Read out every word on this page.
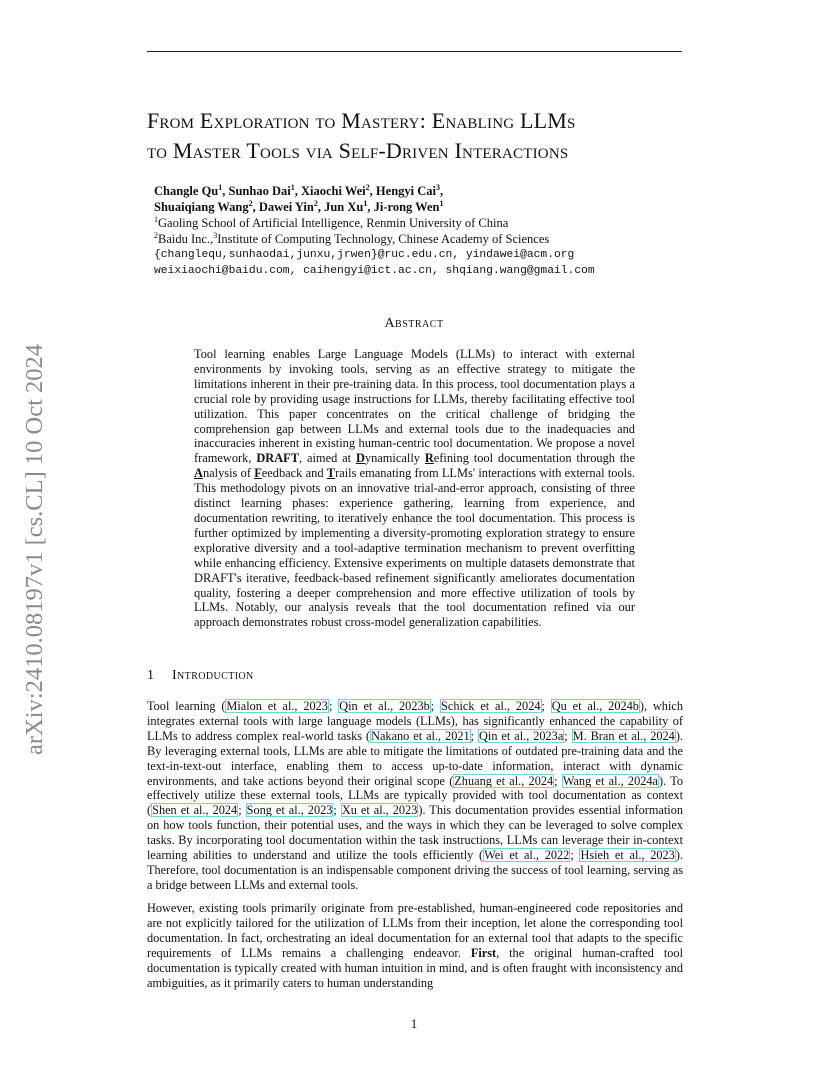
arXiv:2410.08197v1 [cs.CL] 10 Oct 2024
From Exploration to Mastery: Enabling LLMs
to Master Tools via Self-Driven Interactions
Changle Qu$^1$, Sunhao Dai$^1$, Xiaochi Wei$^2$, Hengyi Cai$^3$,
Shuaiqiang Wang$^2$, Dawei Yin$^2$, Jun Xu$^1$, Ji-rong Wen$^1$
$^1$Gaoling School of Artificial Intelligence, Renmin University of China
$^2$Baidu Inc.,$^3$Institute of Computing Technology, Chinese Academy of Sciences
{changlequ,sunhaodai,junxu,jrwen}@ruc.edu.cn, yindawei@acm.org
weixiaochi@baidu.com, caihengyi@ict.ac.cn, shqiang.wang@gmail.com
Abstract
Tool learning enables Large Language Models (LLMs) to interact with external environments by invoking tools, serving as an effective strategy to mitigate the limitations inherent in their pre-training data. In this process, tool documentation plays a crucial role by providing usage instructions for LLMs, thereby facilitating effective tool utilization. This paper concentrates on the critical challenge of bridging the comprehension gap between LLMs and external tools due to the inadequacies and inaccuracies inherent in existing human-centric tool documentation. We propose a novel framework, DRAFT, aimed at Dynamically Refining tool documentation through the Analysis of Feedback and Trails emanating from LLMs' interactions with external tools. This methodology pivots on an innovative trial-and-error approach, consisting of three distinct learning phases: experience gathering, learning from experience, and documentation rewriting, to iteratively enhance the tool documentation. This process is further optimized by implementing a diversity-promoting exploration strategy to ensure explorative diversity and a tool-adaptive termination mechanism to prevent overfitting while enhancing efficiency. Extensive experiments on multiple datasets demonstrate that DRAFT's iterative, feedback-based refinement significantly ameliorates documentation quality, fostering a deeper comprehension and more effective utilization of tools by LLMs. Notably, our analysis reveals that the tool documentation refined via our approach demonstrates robust cross-model generalization capabilities.
1 Introduction
Tool learning (Mialon et al., 2023; Qin et al., 2023b; Schick et al., 2024; Qu et al., 2024b), which integrates external tools with large language models (LLMs), has significantly enhanced the capability of LLMs to address complex real-world tasks (Nakano et al., 2021; Qin et al., 2023a; M. Bran et al., 2024). By leveraging external tools, LLMs are able to mitigate the limitations of outdated pre-training data and the text-in-text-out interface, enabling them to access up-to-date information, interact with dynamic environments, and take actions beyond their original scope (Zhuang et al., 2024; Wang et al., 2024a). To effectively utilize these external tools, LLMs are typically provided with tool documentation as context (Shen et al., 2024; Song et al., 2023; Xu et al., 2023). This documentation provides essential information on how tools function, their potential uses, and the ways in which they can be leveraged to solve complex tasks. By incorporating tool documentation within the task instructions, LLMs can leverage their in-context learning abilities to understand and utilize the tools efficiently (Wei et al., 2022; Hsieh et al., 2023). Therefore, tool documentation is an indispensable component driving the success of tool learning, serving as a bridge between LLMs and external tools.
However, existing tools primarily originate from pre-established, human-engineered code repositories and are not explicitly tailored for the utilization of LLMs from their inception, let alone the corresponding tool documentation. In fact, orchestrating an ideal documentation for an external tool that adapts to the specific requirements of LLMs remains a challenging endeavor. First, the original human-crafted tool documentation is typically created with human intuition in mind, and is often fraught with inconsistency and ambiguities, as it primarily caters to human understanding
1
